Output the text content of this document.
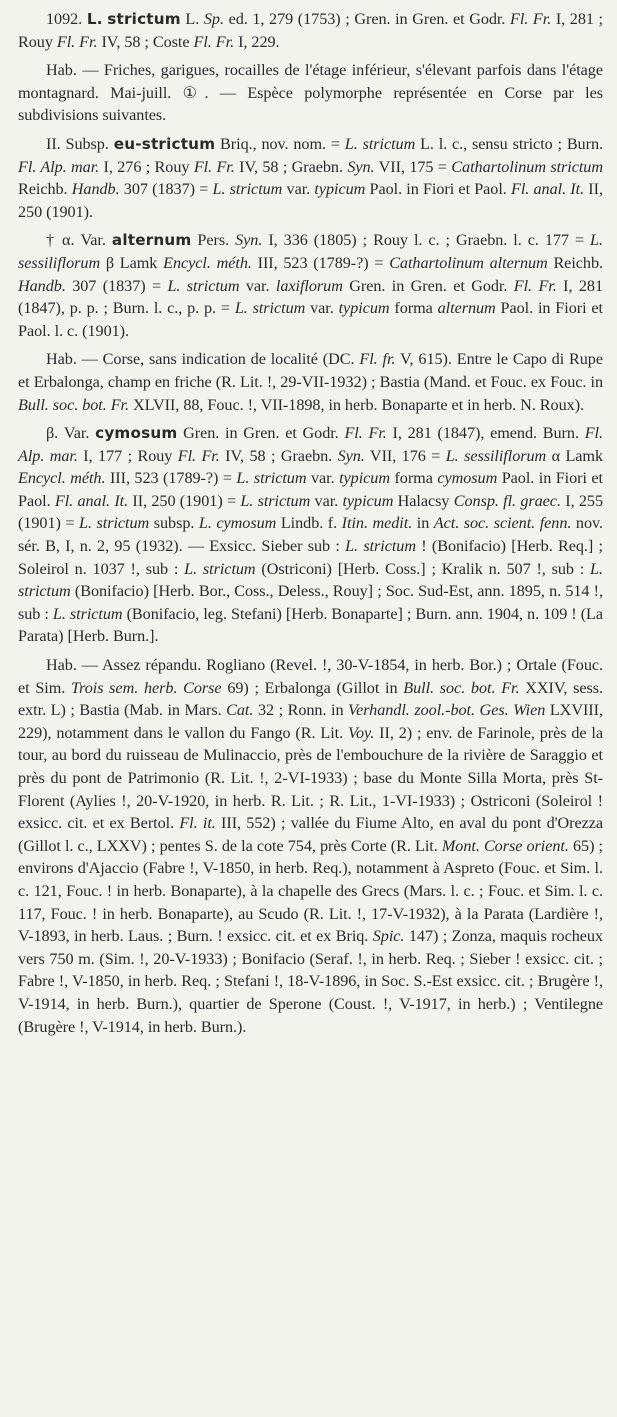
1092. L. strictum L. Sp. ed. 1, 279 (1753) ; Gren. in Gren. et Godr. Fl. Fr. I, 281 ; Rouy Fl. Fr. IV, 58 ; Coste Fl. Fr. I, 229.

Hab. — Friches, garigues, rocailles de l'étage inférieur, s'élevant parfois dans l'étage montagnard. Mai-juill. ①. — Espèce polymorphe représentée en Corse par les subdivisions suivantes.

II. Subsp. eu-strictum Briq., nov. nom. = L. strictum L. l. c., sensu stricto ; Burn. Fl. Alp. mar. I, 276 ; Rouy Fl. Fr. IV, 58 ; Graebn. Syn. VII, 175 = Cathartolinum strictum Reichb. Handb. 307 (1837) = L. strictum var. typicum Paol. in Fiori et Paol. Fl. anal. It. II, 250 (1901).

† α. Var. alternum Pers. Syn. I, 336 (1805) ; Rouy l. c. ; Graebn. l. c. 177 = L. sessiliflorum β Lamk Encycl. méth. III, 523 (1789-?) = Cathartolinum alternum Reichb. Handb. 307 (1837) = L. strictum var. laxiflorum Gren. in Gren. et Godr. Fl. Fr. I, 281 (1847), p. p. ; Burn. l. c., p. p. = L. strictum var. typicum forma alternum Paol. in Fiori et Paol. l. c. (1901).

Hab. — Corse, sans indication de localité (DC. Fl. fr. V, 615). Entre le Capo di Rupe et Erbalonga, champ en friche (R. Lit. !, 29-VII-1932) ; Bastia (Mand. et Fouc. ex Fouc. in Bull. soc. bot. Fr. XLVII, 88, Fouc. !, VII-1898, in herb. Bonaparte et in herb. N. Roux).

β. Var. cymosum Gren. in Gren. et Godr. Fl. Fr. I, 281 (1847), emend. Burn. Fl. Alp. mar. I, 177 ; Rouy Fl. Fr. IV, 58 ; Graebn. Syn. VII, 176 = L. sessiliflorum α Lamk Encycl. méth. III, 523 (1789-?) = L. strictum var. typicum forma cymosum Paol. in Fiori et Paol. Fl. anal. It. II, 250 (1901) = L. strictum var. typicum Halacsy Consp. fl. graec. I, 255 (1901) = L. strictum subsp. L. cymosum Lindb. f. Itin. medit. in Act. soc. scient. fenn. nov. sér. B, I, n. 2, 95 (1932). — Exsicc. Sieber sub : L. strictum ! (Bonifacio) [Herb. Req.] ; Soleirol n. 1037 !, sub : L. strictum (Ostriconi) [Herb. Coss.] ; Kralik n. 507 !, sub : L. strictum (Bonifacio) [Herb. Bor., Coss., Deless., Rouy] ; Soc. Sud-Est, ann. 1895, n. 514 !, sub : L. strictum (Bonifacio, leg. Stefani) [Herb. Bonaparte] ; Burn. ann. 1904, n. 109 ! (La Parata) [Herb. Burn.].

Hab. — Assez répandu. Rogliano (Revel. !, 30-V-1854, in herb. Bor.) ; Ortale (Fouc. et Sim. Trois sem. herb. Corse 69) ; Erbalonga (Gillot in Bull. soc. bot. Fr. XXIV, sess. extr. L) ; Bastia (Mab. in Mars. Cat. 32 ; Ronn. in Verhandl. zool.-bot. Ges. Wien LXVIII, 229), notamment dans le vallon du Fango (R. Lit. Voy. II, 2) ; env. de Farinole, près de la tour, au bord du ruisseau de Mulinaccio, près de l'embouchure de la rivière de Saraggio et près du pont de Patrimonio (R. Lit. !, 2-VI-1933) ; base du Monte Silla Morta, près St-Florent (Aylies !, 20-V-1920, in herb. R. Lit. ; R. Lit., 1-VI-1933) ; Ostriconi (Soleirol ! exsicc. cit. et ex Bertol. Fl. it. III, 552) ; vallée du Fiume Alto, en aval du pont d'Orezza (Gillot l. c., LXXV) ; pentes S. de la cote 754, près Corte (R. Lit. Mont. Corse orient. 65) ; environs d'Ajaccio (Fabre !, V-1850, in herb. Req.), notamment à Aspreto (Fouc. et Sim. l. c. 121, Fouc. ! in herb. Bonaparte), à la chapelle des Grecs (Mars. l. c. ; Fouc. et Sim. l. c. 117, Fouc. ! in herb. Bonaparte), au Scudo (R. Lit. !, 17-V-1932), à la Parata (Lardière !, V-1893, in herb. Laus. ; Burn. ! exsicc. cit. et ex Briq. Spic. 147) ; Zonza, maquis rocheux vers 750 m. (Sim. !, 20-V-1933) ; Bonifacio (Seraf. !, in herb. Req. ; Sieber ! exsicc. cit. ; Fabre !, V-1850, in herb. Req. ; Stefani !, 18-V-1896, in Soc. S.-Est exsicc. cit. ; Brugère !, V-1914, in herb. Burn.), quartier de Sperone (Coust. !, V-1917, in herb.) ; Ventilegne (Brugère !, V-1914, in herb. Burn.).
